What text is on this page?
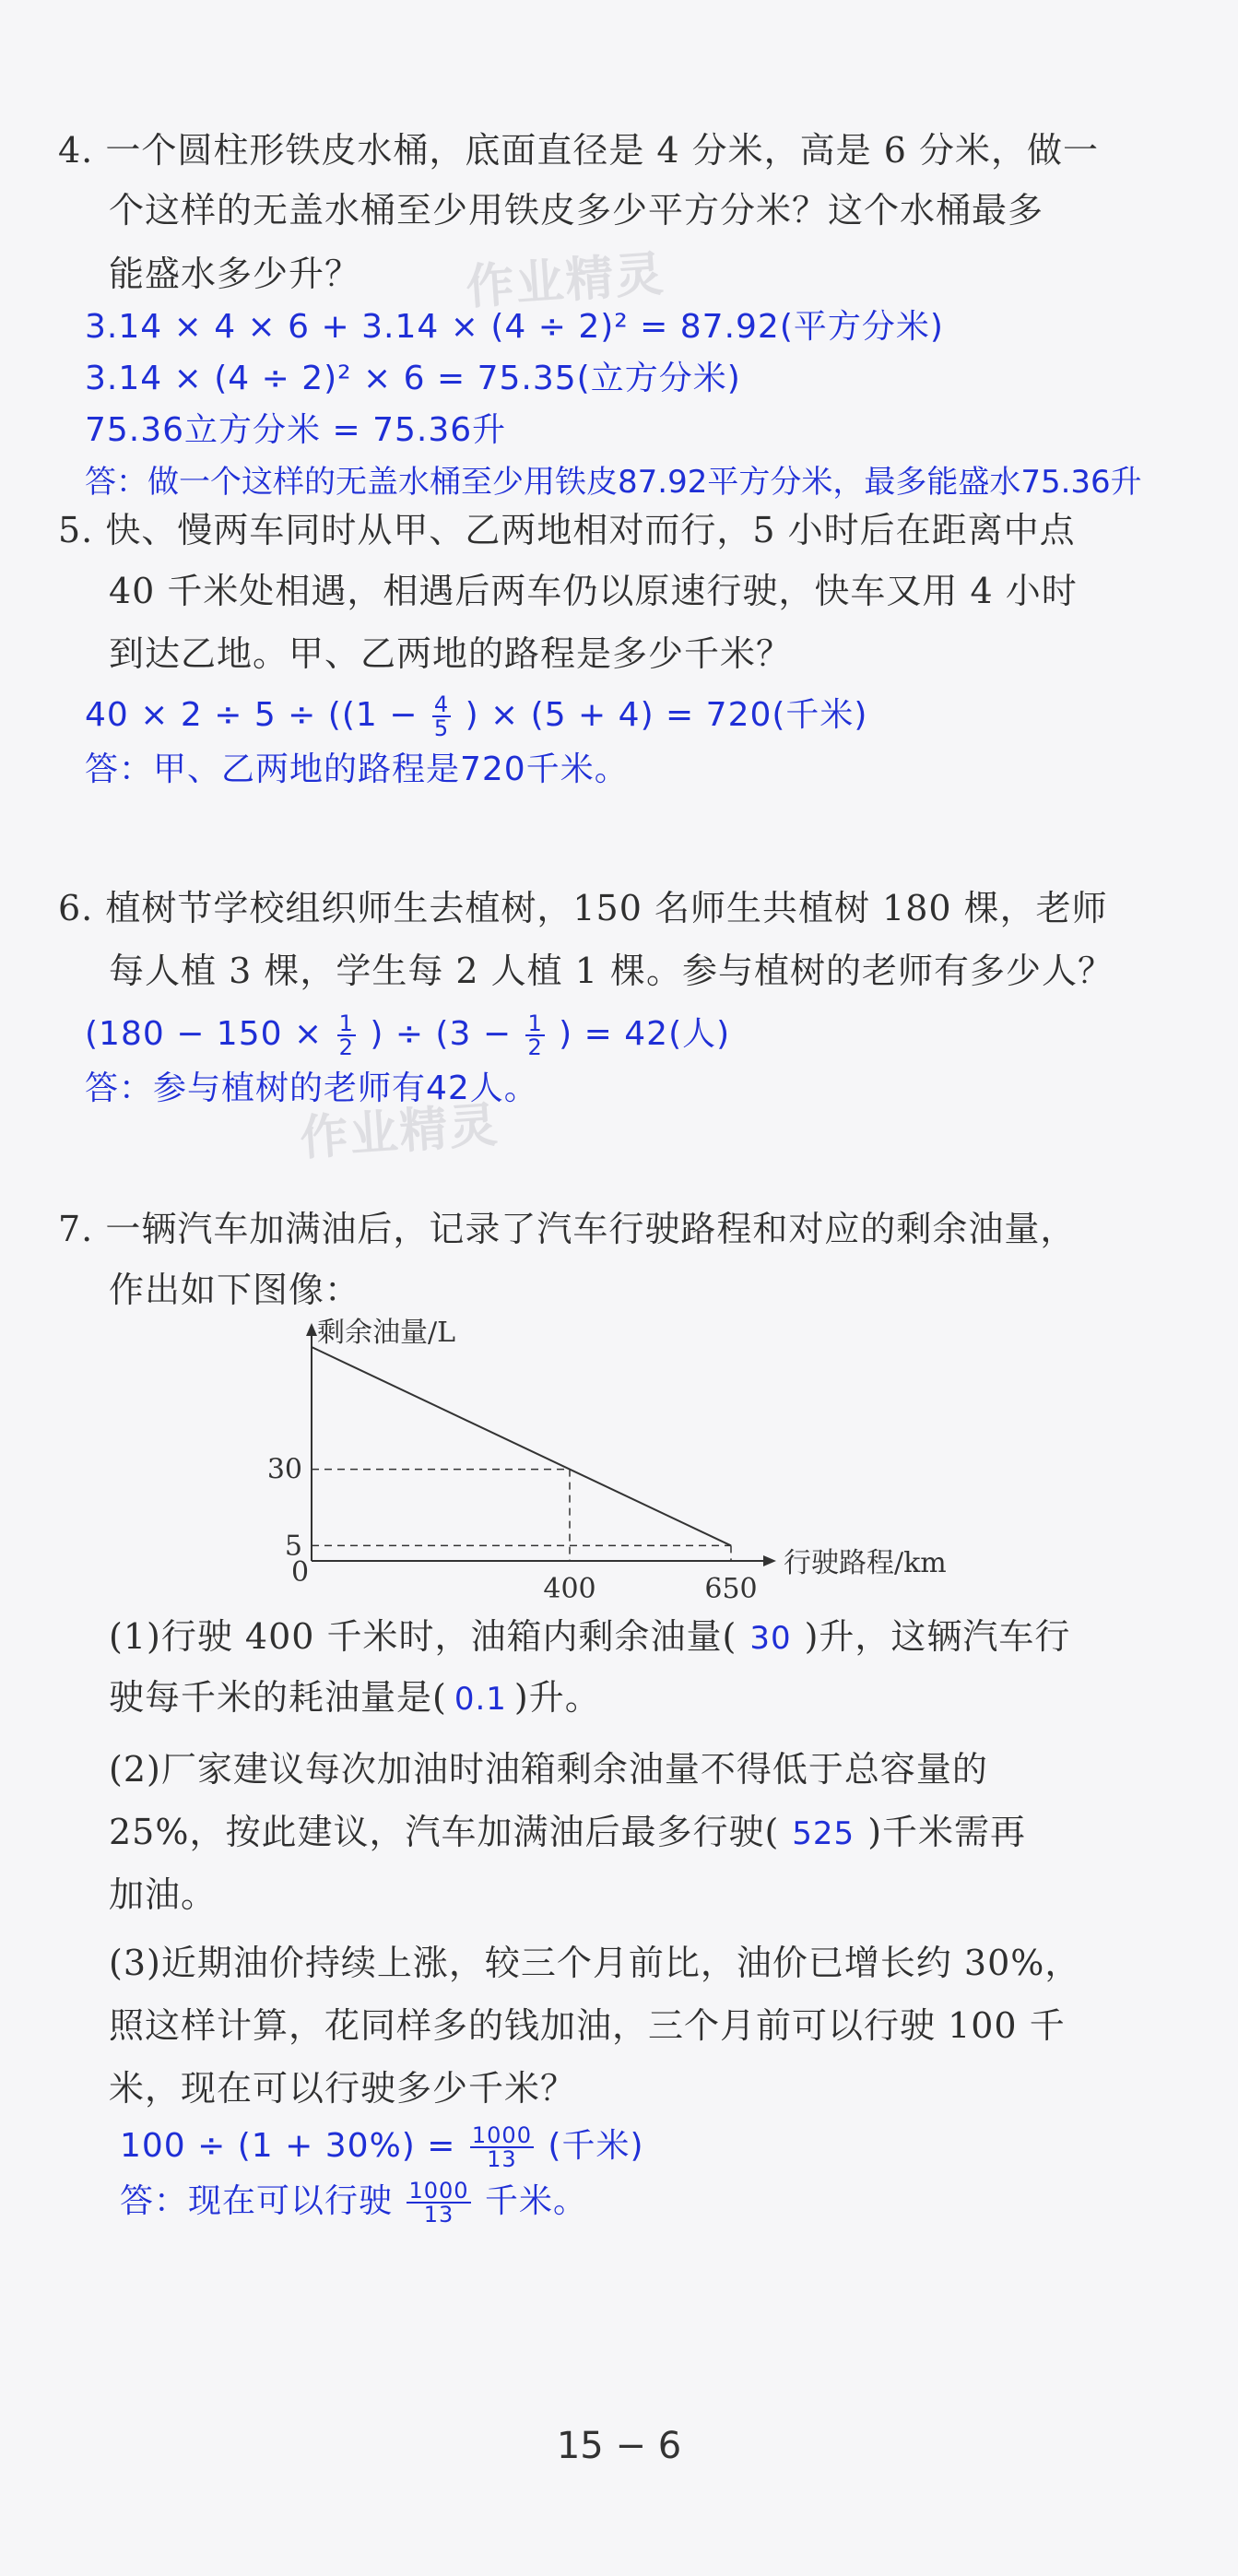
作业精灵
作业精灵
4. 一个圆柱形铁皮水桶，底面直径是 4 分米，高是 6 分米，做一
个这样的无盖水桶至少用铁皮多少平方分米？这个水桶最多
能盛水多少升？
3.14 × 4 × 6 + 3.14 × (4 ÷ 2)² = 87.92(平方分米)
3.14 × (4 ÷ 2)² × 6 = 75.35(立方分米)
75.36立方分米 = 75.36升
答：做一个这样的无盖水桶至少用铁皮87.92平方分米，最多能盛水75.36升
5. 快、慢两车同时从甲、乙两地相对而行，5 小时后在距离中点
40 千米处相遇，相遇后两车仍以原速行驶，快车又用 4 小时
到达乙地。甲、乙两地的路程是多少千米？
$40 \times 2 \div 5 \div ((1 - \frac{4}{5}$ ) × (5 + 4) = 720(千米)
答：甲、乙两地的路程是720千米。
6. 植树节学校组织师生去植树，150 名师生共植树 180 棵，老师
每人植 3 棵，学生每 2 人植 1 棵。参与植树的老师有多少人？
($180 - 150 \times \frac{1}{2}$ ) ÷ ($3 - \frac{1}{2}$ ) = 42(人)
答：参与植树的老师有42人。
7. 一辆汽车加满油后，记录了汽车行驶路程和对应的剩余油量，
作出如下图像：
剩余油量/L
行驶路程/km
0
400	650
30
5
(1)行驶 400 千米时，油箱内剩余油量( 30 )升，这辆汽车行
驶每千米的耗油量是( 0.1 )升。
(2)厂家建议每次加油时油箱剩余油量不得低于总容量的
25%，按此建议，汽车加满油后最多行驶( 525 )千米需再
加油。
(3)近期油价持续上涨，较三个月前比，油价已增长约 30%，
照这样计算，花同样多的钱加油，三个月前可以行驶 100 千
米，现在可以行驶多少千米？
$100 \div (1 + 30\%) = \frac{1000}{13}$ (千米)
答：现在可以行驶 $\frac{1000}{13}$ 千米。
15 − 6
